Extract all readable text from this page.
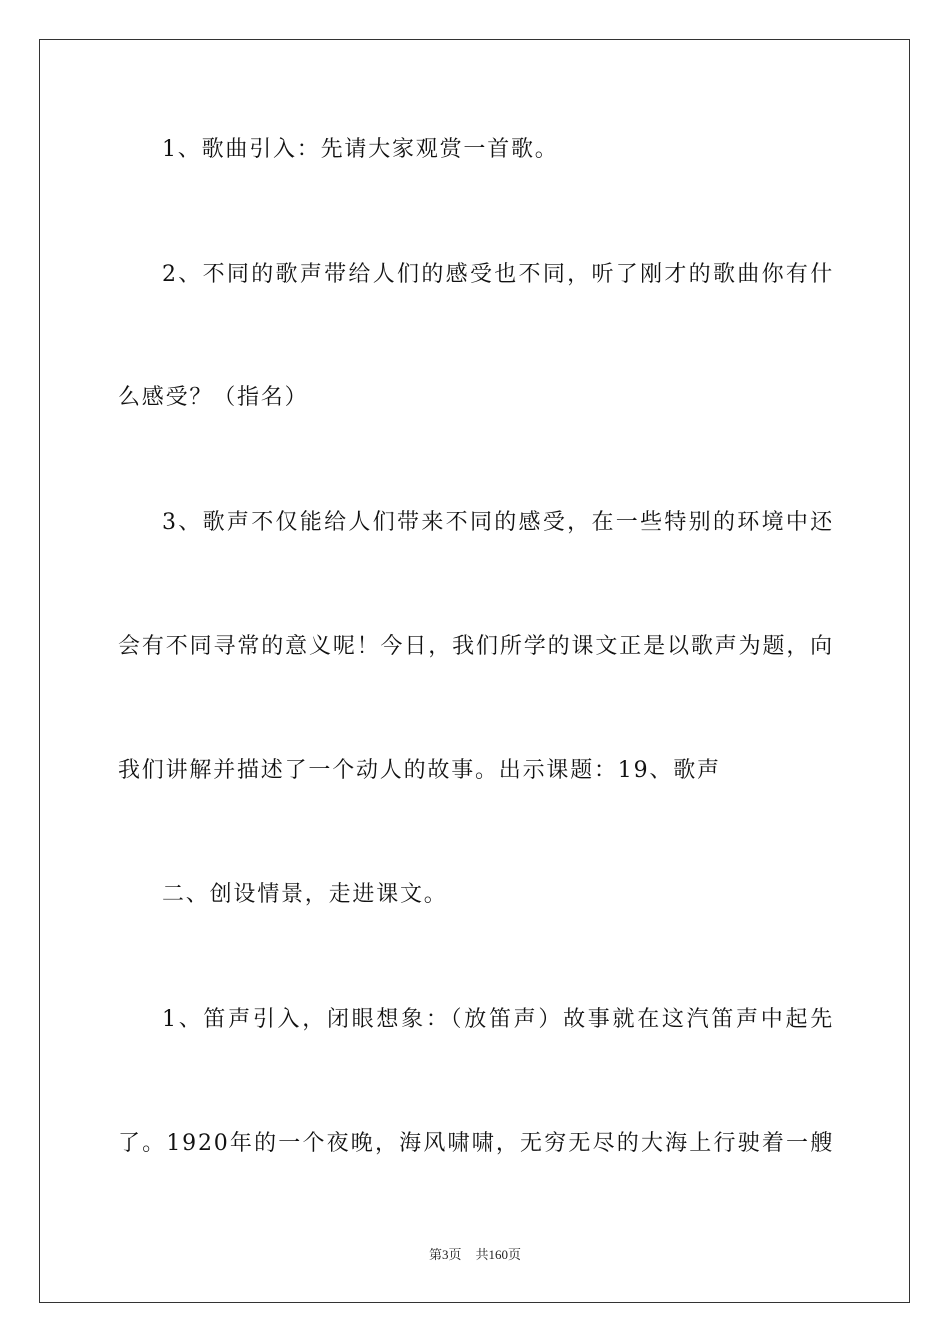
1、歌曲引入：先请大家观赏一首歌。
2、不同的歌声带给人们的感受也不同，听了刚才的歌曲你有什
么感受？（指名）
3、歌声不仅能给人们带来不同的感受，在一些特别的环境中还
会有不同寻常的意义呢！今日，我们所学的课文正是以歌声为题，向
我们讲解并描述了一个动人的故事。出示课题：19、歌声
二、创设情景，走进课文。
1、笛声引入，闭眼想象：（放笛声）故事就在这汽笛声中起先
了。1920年的一个夜晚，海风啸啸，无穷无尽的大海上行驶着一艘
第3页 共160页
